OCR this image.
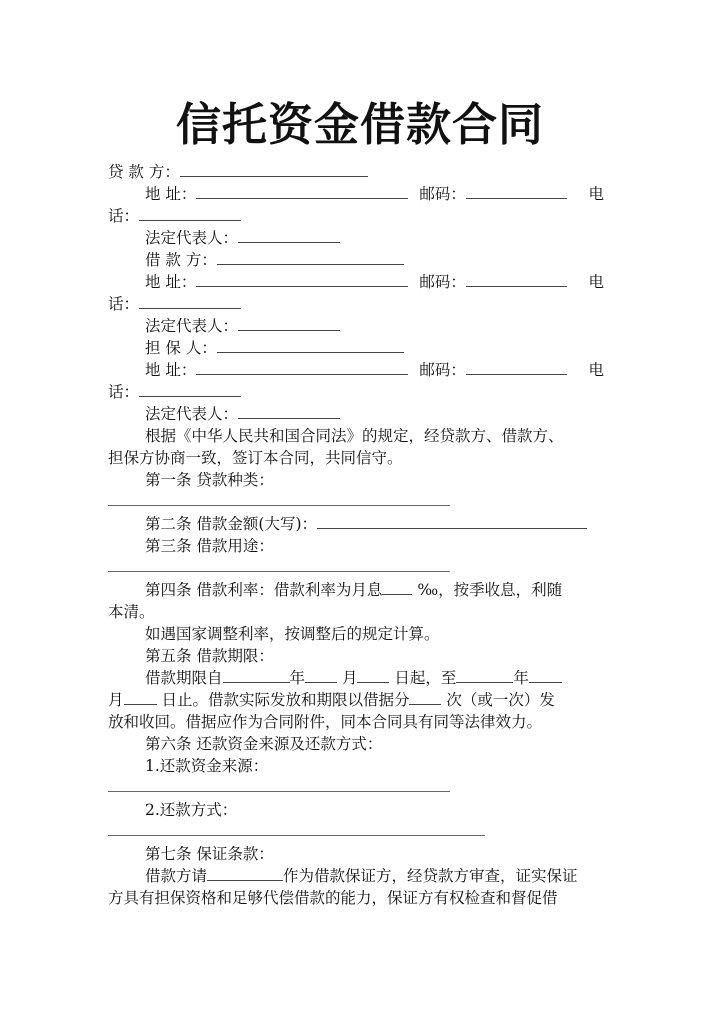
信托资金借款合同
贷 款 方：
地 址：	邮码：	电
话：
法定代表人：
借 款 方：
地 址：	邮码：	电
话：
法定代表人：
担 保 人：
地 址：	邮码：	电
话：
法定代表人：
根据《中华人民共和国合同法》的规定，经贷款方、借款方、
担保方协商一致，签订本合同，共同信守。
第一条 贷款种类：
第二条 借款金额(大写)：
第三条 借款用途：
第四条 借款利率：借款利率为月息 ‰，按季收息，利随
本清。
如遇国家调整利率，按调整后的规定计算。
第五条 借款期限：
借款期限自	年 月 日起，至	年
月 日止。借款实际发放和期限以借据分 次（或一次）发
放和收回。借据应作为合同附件，同本合同具有同等法律效力。
第六条 还款资金来源及还款方式：
1.还款资金来源：
2.还款方式：
第七条 保证条款：
借款方请	作为借款保证方，经贷款方审查，证实保证
方具有担保资格和足够代偿借款的能力，保证方有权检查和督促借
